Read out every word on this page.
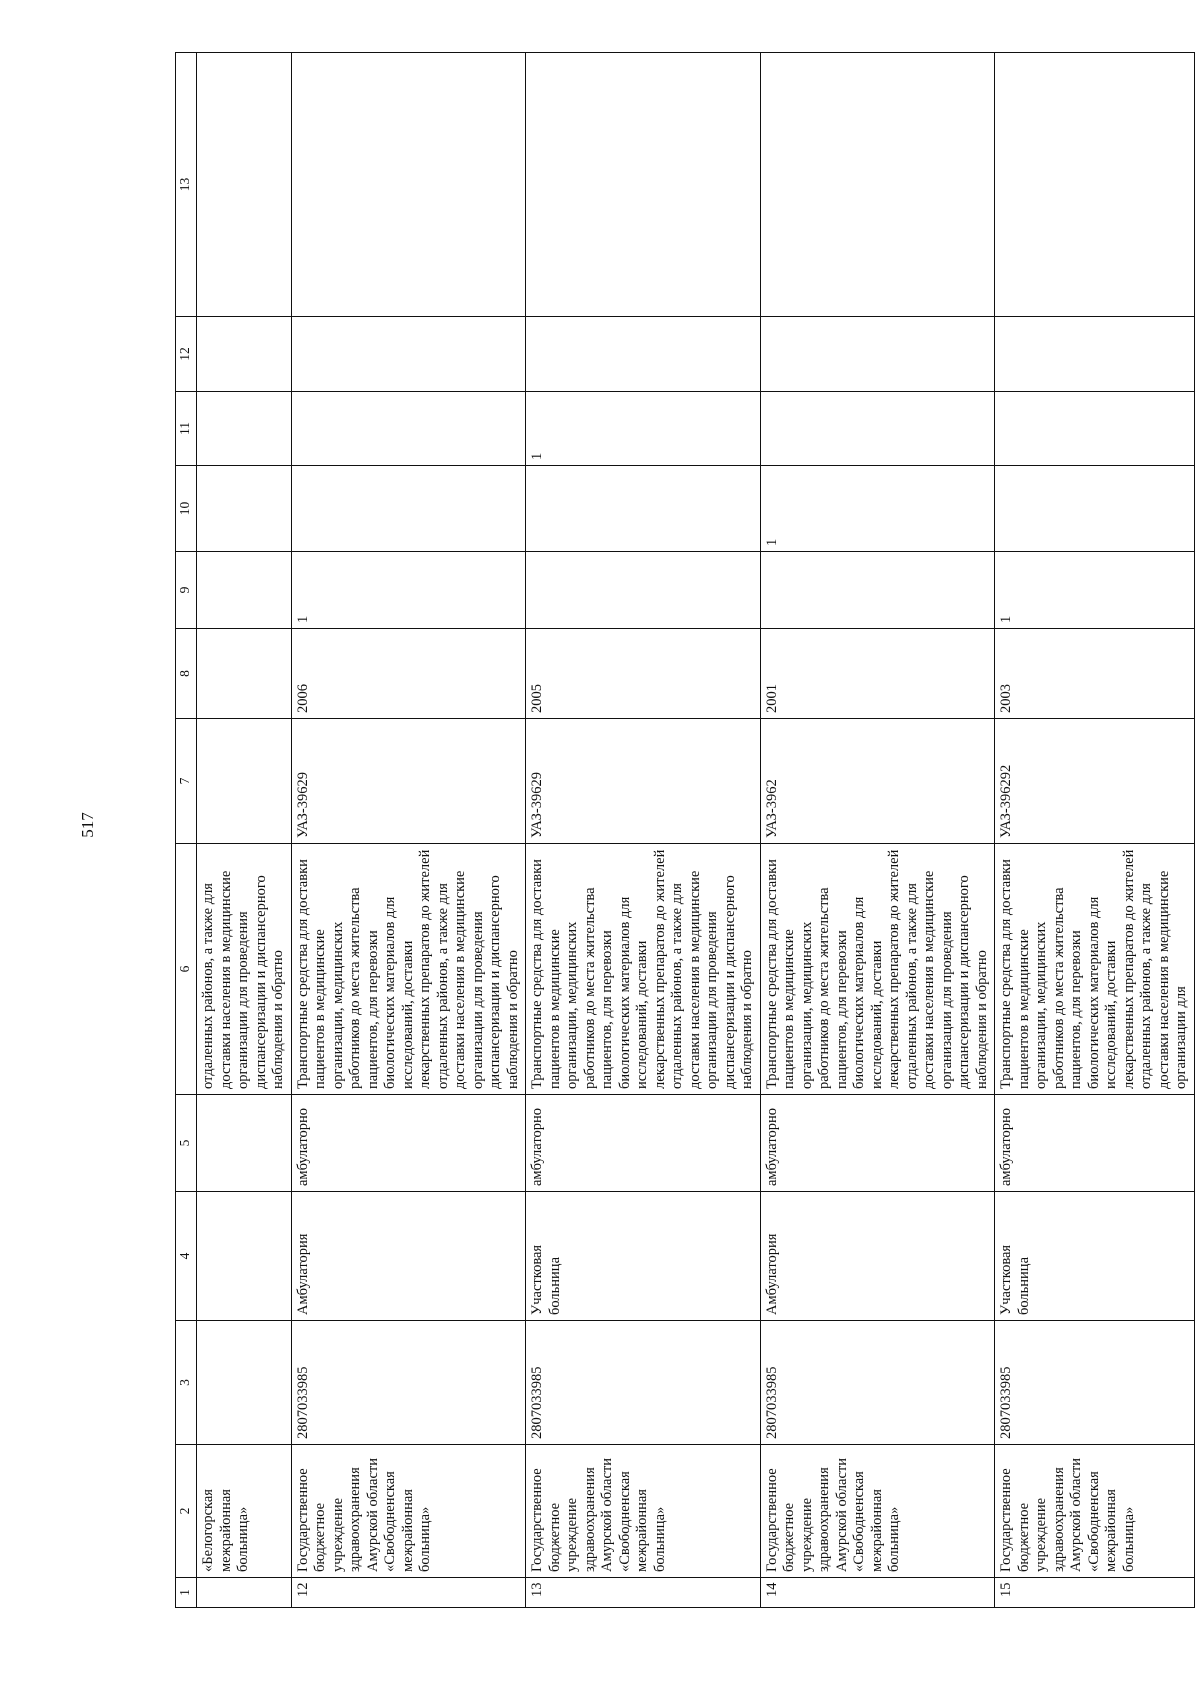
517
1	2	3	4	5	6	7	8	9	10	11	12	13
	«Белогорская межрайонная больница»				отдаленных районов, а также для доставки населения в медицинские организации для проведения диспансеризации и диспансерного наблюдения и обратно							
12	Государственное бюджетное учреждение здравоохранения Амурской области «Свободненская межрайонная больница»	2807033985	Амбулатория	амбулаторно	Транспортные средства для доставки пациентов в медицинские организации, медицинских работников до места жительства пациентов, для перевозки биологических материалов для исследований, доставки лекарственных препаратов до жителей отдаленных районов, а также для доставки населения в медицинские организации для проведения диспансеризации и диспансерного наблюдения и обратно	УАЗ-39629	2006	1				
13	Государственное бюджетное учреждение здравоохранения Амурской области «Свободненская межрайонная больница»	2807033985	Участковая больница	амбулаторно	Транспортные средства для доставки пациентов в медицинские организации, медицинских работников до места жительства пациентов, для перевозки биологических материалов для исследований, доставки лекарственных препаратов до жителей отдаленных районов, а также для доставки населения в медицинские организации для проведения диспансеризации и диспансерного наблюдения и обратно	УАЗ-39629	2005			1		
14	Государственное бюджетное учреждение здравоохранения Амурской области «Свободненская межрайонная больница»	2807033985	Амбулатория	амбулаторно	Транспортные средства для доставки пациентов в медицинские организации, медицинских работников до места жительства пациентов, для перевозки биологических материалов для исследований, доставки лекарственных препаратов до жителей отдаленных районов, а также для доставки населения в медицинские организации для проведения диспансеризации и диспансерного наблюдения и обратно	УАЗ-3962	2001		1			
15	Государственное бюджетное учреждение здравоохранения Амурской области «Свободненская межрайонная больница»	2807033985	Участковая больница	амбулаторно	Транспортные средства для доставки пациентов в медицинские организации, медицинских работников до места жительства пациентов, для перевозки биологических материалов для исследований, доставки лекарственных препаратов до жителей отдаленных районов, а также для доставки населения в медицинские организации для	УАЗ-396292	2003	1				
